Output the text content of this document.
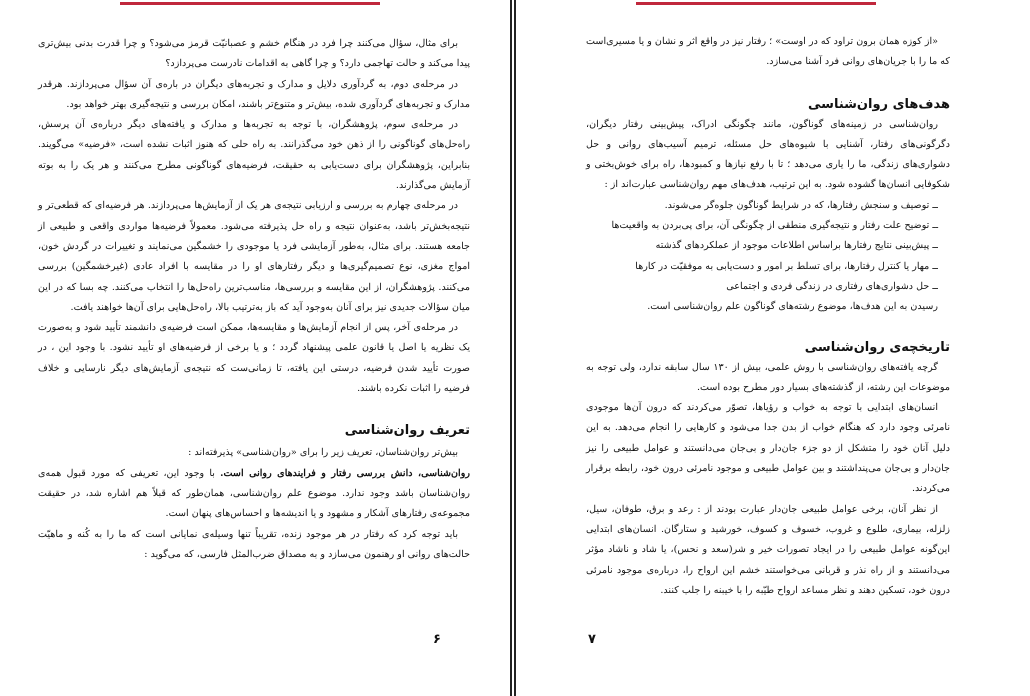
برای مثال، سؤال می‌کنند چرا فرد در هنگام خشم و عصبانیّت قرمز می‌شود؟ و چرا قدرت بدنی بیش‌تری پیدا می‌کند و حالت تهاجمی دارد؟ و چرا گاهی به اقدامات نادرست می‌پردازد؟

در مرحله‌ی دوم، به گردآوری دلایل و مدارک و تجربه‌های دیگران در باره‌ی آن سؤال می‌پردازند. هرقدر مدارک و تجربه‌های گردآوری شده، بیش‌تر و متنوع‌تر باشند، امکان بررسی و نتیجه‌گیری بهتر خواهد بود.

در مرحله‌ی سوم، پژوهشگران، با توجه به تجربه‌ها و مدارک و یافته‌های دیگر درباره‌ی آن پرسش، راه‌حل‌های گوناگونی را از ذهن خود می‌گذرانند. به راه حلی که هنوز اثبات نشده است، «فرضیه» می‌گویند. بنابراین، پژوهشگران برای دست‌یابی به حقیقت، فرضیه‌های گوناگونی مطرح می‌کنند و هر یک را به بوته آزمایش می‌گذارند.

در مرحله‌ی چهارم به بررسی و ارزیابی نتیجه‌ی هر یک از آزمایش‌ها می‌پردازند. هر فرضیه‌ای که قطعی‌تر و نتیجه‌بخش‌تر باشد، به‌عنوان نتیجه و راه حل پذیرفته می‌شود. معمولاً فرضیه‌ها مواردی واقعی و طبیعی از جامعه هستند. برای مثال، به‌طور آزمایشی فرد یا موجودی را خشمگین می‌نمایند و تغییرات در گردش خون، امواج مغزی، نوع تصمیم‌گیری‌ها و دیگر رفتارهای او را در مقایسه با افراد عادی (غیرخشمگین) بررسی می‌کنند. پژوهشگران، از این مقایسه و بررسی‌ها، مناسب‌ترین راه‌حل‌ها را انتخاب می‌کنند. چه بسا که در این میان سؤالات جدیدی نیز برای آنان به‌وجود آید که باز به‌ترتیب بالا، راه‌حل‌هایی برای آن‌ها خواهند یافت.

در مرحله‌ی آخر، پس از انجام آزمایش‌ها و مقایسه‌ها، ممکن است فرضیه‌ی دانشمند تأیید شود و به‌صورت یک نظریه یا اصل یا قانون علمی پیشنهاد گردد ؛ و یا برخی از فرضیه‌های او تأیید نشود. با وجود این ، در صورت تأیید شدن فرضیه، درستی این یافته، تا زمانی‌ست که نتیجه‌ی آزمایش‌های دیگر نارسایی و خلاف فرضیه را اثبات نکرده باشند.

تعریف روان‌شناسی

بیش‌تر روان‌شناسان، تعریف زیر را برای «روان‌شناسی» پذیرفته‌اند :

روان‌شناسی، دانش بررسی رفتار و فرایندهای روانی است. با وجود این، تعریفی که مورد قبول همه‌ی روان‌شناسان باشد وجود ندارد. موضوع علم روان‌شناسی، همان‌طور که قبلاً هم اشاره شد، در حقیقت مجموعه‌ی رفتارهای آشکار و مشهود و یا اندیشه‌ها و احساس‌های پنهان است.

باید توجه کرد که رفتار در هر موجود زنده، تقریباً تنها وسیله‌ی نمایانی است که ما را به کُنه و ماهیّت حالت‌های روانی او رهنمون می‌سازد و به مصداق ضرب‌المثل فارسی، که می‌گوید :

۶

«از کوزه همان برون تراود که در اوست» ؛ رفتار نیز در واقع اثر و نشان و یا مسیری‌است که ما را با جریان‌های روانی فرد آشنا می‌سازد.

هدف‌های روان‌شناسی

روان‌شناسی در زمینه‌های گوناگون، مانند چگونگی ادراک، پیش‌بینی رفتار دیگران، دگرگونی‌های رفتار، آشنایی با شیوه‌های حل مسئله، ترمیم آسیب‌های روانی و حل دشواری‌های زندگی، ما را یاری می‌دهد ؛ تا با رفع نیازها و کمبودها، راه برای خوش‌بختی و شکوفایی انسان‌ها گشوده شود. به این ترتیب، هدف‌های مهم روان‌شناسی عبارت‌اند از :

ــ توصیف و سنجش رفتارها، که در شرایط گوناگون جلوه‌گر می‌شوند.

ــ توضیح علت رفتار و نتیجه‌گیری منطقی از چگونگی آن، برای پی‌بردن به واقعیت‌ها

ــ پیش‌بینی نتایج رفتارها براساس اطلاعات موجود از عملکردهای گذشته

ــ مهار یا کنترل رفتارها، برای تسلط بر امور و دست‌یابی به موفقیّت در کارها

ــ حل دشواری‌های رفتاری در زندگی فردی و اجتماعی

رسیدن به این هدف‌ها، موضوع رشته‌های گوناگون علم روان‌شناسی است.

تاریخچه‌ی روان‌شناسی

گرچه یافته‌های روان‌شناسی با روش علمی، بیش از ۱۳۰ سال سابقه ندارد، ولی توجه به موضوعات این رشته، از گذشته‌های بسیار دور مطرح بوده است.

انسان‌های ابتدایی با توجه به خواب و رؤیاها، تصوّر می‌کردند که درون آن‌ها موجودی نامرئی وجود دارد که هنگام خواب از بدن جدا می‌شود و کارهایی را انجام می‌دهد. به این دلیل آنان خود را متشکل از دو جزء جان‌دار و بی‌جان می‌دانستند و عوامل طبیعی را نیز جان‌دار و بی‌جان می‌پنداشتند و بین عوامل طبیعی و موجود نامرئی درون خود، رابطه برقرار می‌کردند.

از نظر آنان، برخی عوامل طبیعی جان‌دار عبارت بودند از : رعد و برق، طوفان، سیل، زلزله، بیماری، طلوع و غروب، خسوف و کسوف، خورشید و ستارگان. انسان‌های ابتدایی این‌گونه عوامل طبیعی را در ایجاد تصورات خیر و شر(سعد و نحس)، یا شاد و ناشاد مؤثر می‌دانستند و از راه نذر و قربانی می‌خواستند خشم این ارواح را، درباره‌ی موجود نامرئی درون خود، تسکین دهند و نظر مساعد ارواح طیّبه را با خیبنه را جلب کنند.

۷
